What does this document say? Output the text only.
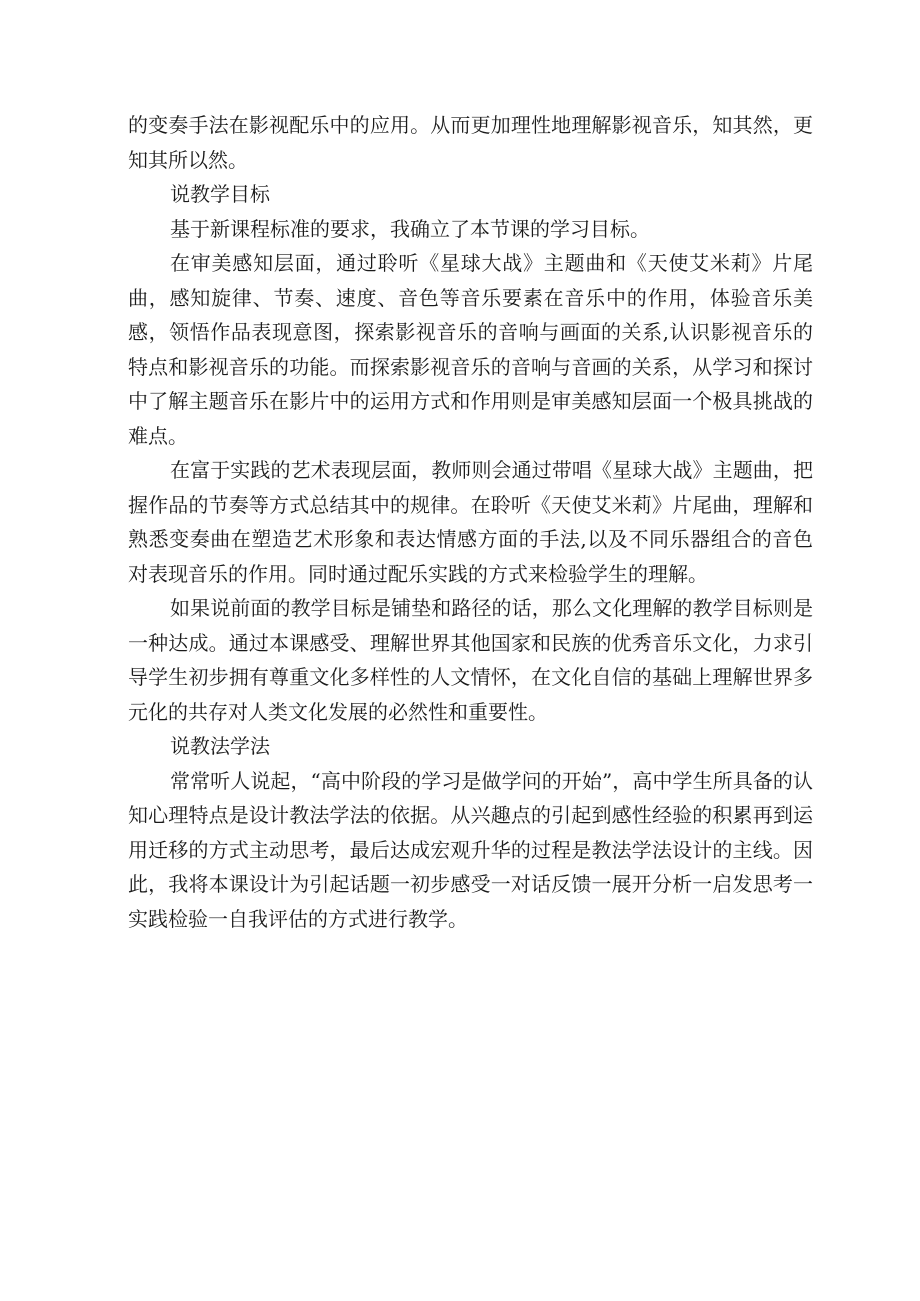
的变奏手法在影视配乐中的应用。从而更加理性地理解影视音乐，知其然，更知其所以然。

说教学目标

基于新课程标准的要求，我确立了本节课的学习目标。

在审美感知层面，通过聆听《星球大战》主题曲和《天使艾米莉》片尾曲，感知旋律、节奏、速度、音色等音乐要素在音乐中的作用，体验音乐美感，领悟作品表现意图，探索影视音乐的音响与画面的关系,认识影视音乐的特点和影视音乐的功能。而探索影视音乐的音响与音画的关系，从学习和探讨中了解主题音乐在影片中的运用方式和作用则是审美感知层面一个极具挑战的难点。

在富于实践的艺术表现层面，教师则会通过带唱《星球大战》主题曲，把握作品的节奏等方式总结其中的规律。在聆听《天使艾米莉》片尾曲，理解和熟悉变奏曲在塑造艺术形象和表达情感方面的手法,以及不同乐器组合的音色对表现音乐的作用。同时通过配乐实践的方式来检验学生的理解。

如果说前面的教学目标是铺垫和路径的话，那么文化理解的教学目标则是一种达成。通过本课感受、理解世界其他国家和民族的优秀音乐文化，力求引导学生初步拥有尊重文化多样性的人文情怀，在文化自信的基础上理解世界多元化的共存对人类文化发展的必然性和重要性。

说教法学法

常常听人说起，“高中阶段的学习是做学问的开始”，高中学生所具备的认知心理特点是设计教法学法的依据。从兴趣点的引起到感性经验的积累再到运用迁移的方式主动思考，最后达成宏观升华的过程是教法学法设计的主线。因此，我将本课设计为引起话题一初步感受一对话反馈一展开分析一启发思考一实践检验一自我评估的方式进行教学。
